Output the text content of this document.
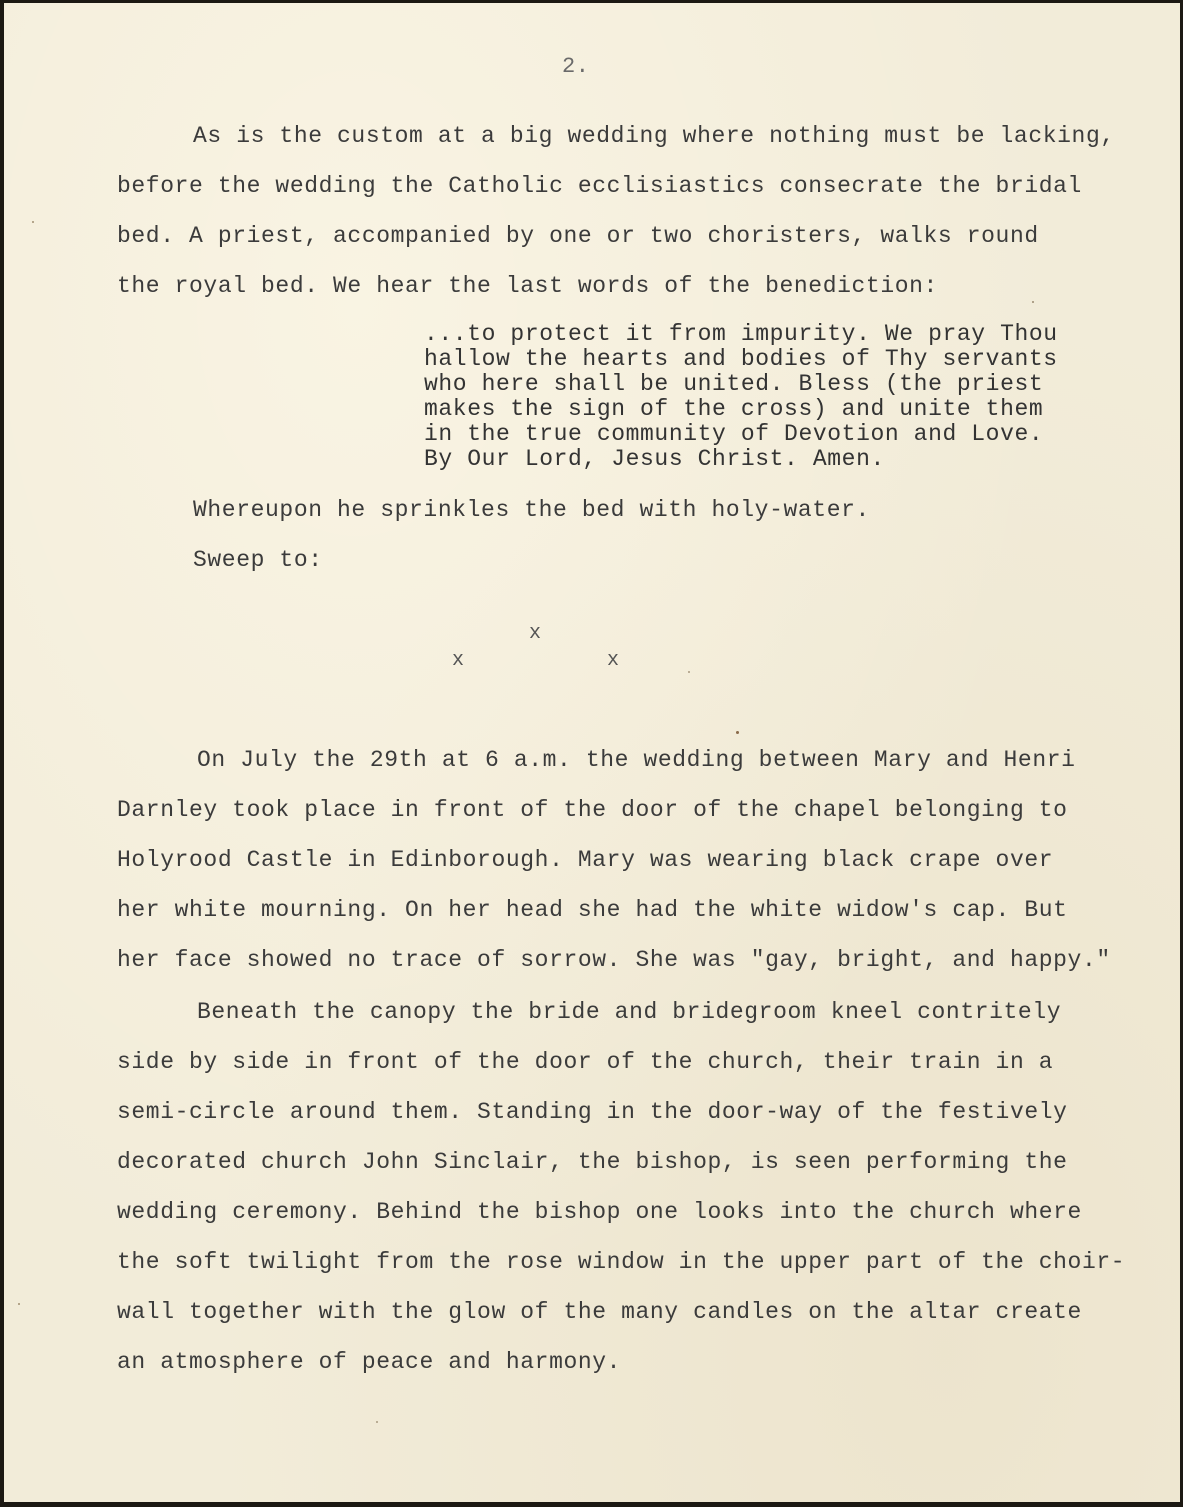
2.
As is the custom at a big wedding where nothing must be lacking,
before the wedding the Catholic ecclisiastics consecrate the bridal
bed. A priest, accompanied by one or two choristers, walks round
the royal bed. We hear the last words of the benediction:
...to protect it from impurity. We pray Thou
hallow the hearts and bodies of Thy servants
who here shall be united. Bless (the priest
makes the sign of the cross) and unite them
in the true community of Devotion and Love.
By Our Lord, Jesus Christ. Amen.
Whereupon he sprinkles the bed with holy-water.
Sweep to:
x
x	x
On July the 29th at 6 a.m. the wedding between Mary and Henri
Darnley took place in front of the door of the chapel belonging to
Holyrood Castle in Edinborough. Mary was wearing black crape over
her white mourning. On her head she had the white widow's cap. But
her face showed no trace of sorrow. She was "gay, bright, and happy."
Beneath the canopy the bride and bridegroom kneel contritely
side by side in front of the door of the church, their train in a
semi-circle around them. Standing in the door-way of the festively
decorated church John Sinclair, the bishop, is seen performing the
wedding ceremony. Behind the bishop one looks into the church where
the soft twilight from the rose window in the upper part of the choir-
wall together with the glow of the many candles on the altar create
an atmosphere of peace and harmony.
